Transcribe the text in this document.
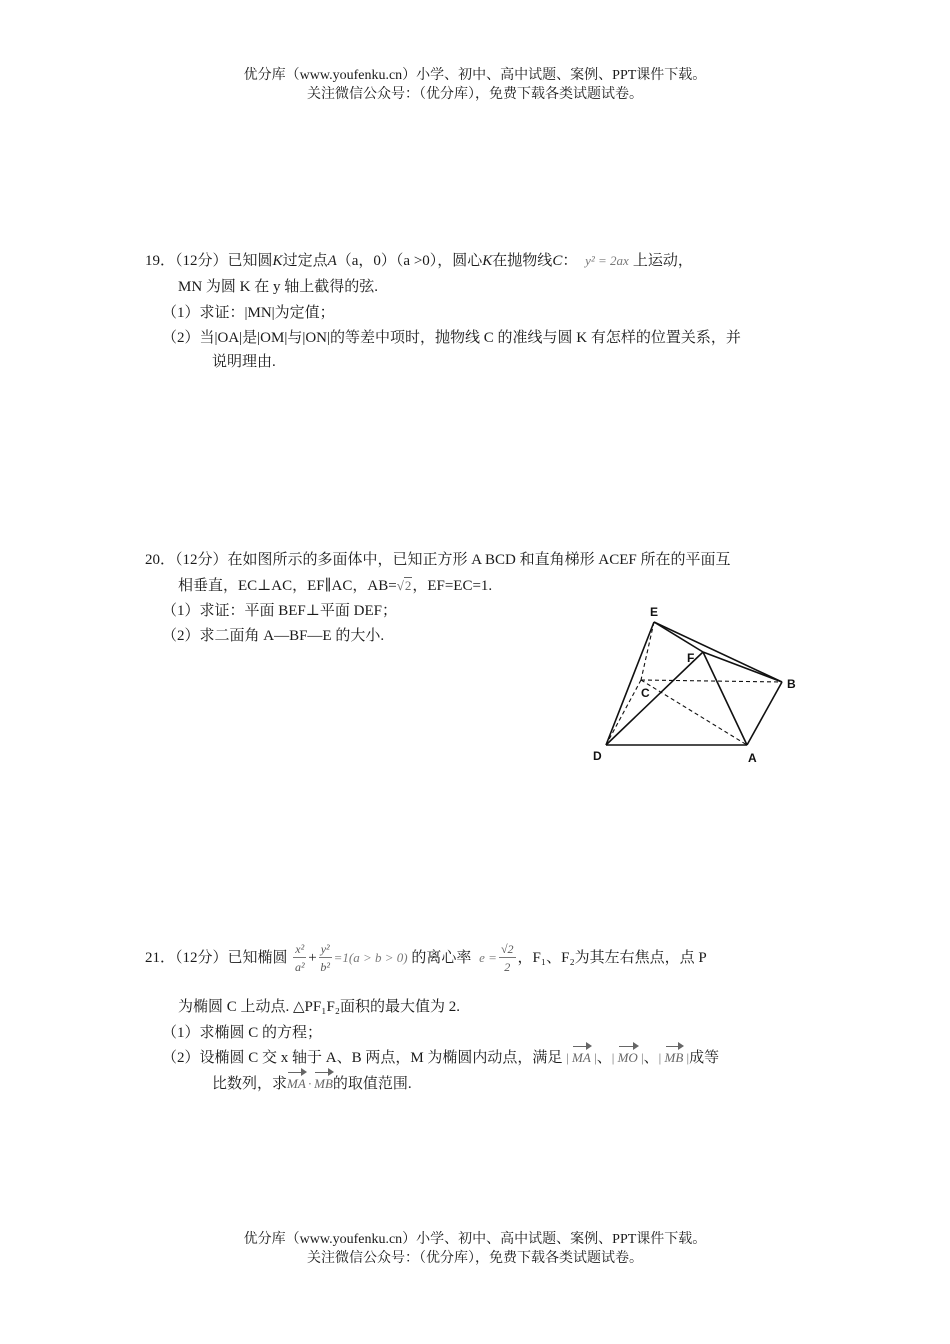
优分库（www.youfenku.cn）小学、初中、高中试题、案例、PPT课件下载。
关注微信公众号：（优分库），免费下载各类试题试卷。
19．（12分）已知圆K过定点A（a，0）（a >0），圆心K在抛物线C： y² = 2ax 上运动，
MN 为圆 K 在 y 轴上截得的弦.
（1）求证：|MN|为定值；
（2）当|OA|是|OM|与|ON|的等差中项时，抛物线 C 的准线与圆 K 有怎样的位置关系，并
说明理由.
20．（12分）在如图所示的多面体中，已知正方形 A BCD 和直角梯形 ACEF 所在的平面互
相垂直，EC⊥AC，EF∥AC，AB=√2，EF=EC=1.
（1）求证：平面 BEF⊥平面 DEF；
（2）求二面角 A—BF—E 的大小.
E
F
C
B
D	A
21．（12分）已知椭圆 $\frac{\text{x²}}{\text{a²}} + \frac{\text{y²}}{\text{b²}} =1(a > b > 0)$ 的离心率 $e = \frac{√2}{2}$ ，F₁、F₂为其左右焦点，点 P
为椭圆 C 上动点. △PF₁F₂面积的最大值为 2.
（1）求椭圆 C 的方程；
（2）设椭圆 C 交 x 轴于 A、B 两点，M 为椭圆内动点，满足 | MA |、| MO |、| MB |成等
比数列，求MA · MB的取值范围.
优分库（www.youfenku.cn）小学、初中、高中试题、案例、PPT课件下载。
关注微信公众号：（优分库），免费下载各类试题试卷。
